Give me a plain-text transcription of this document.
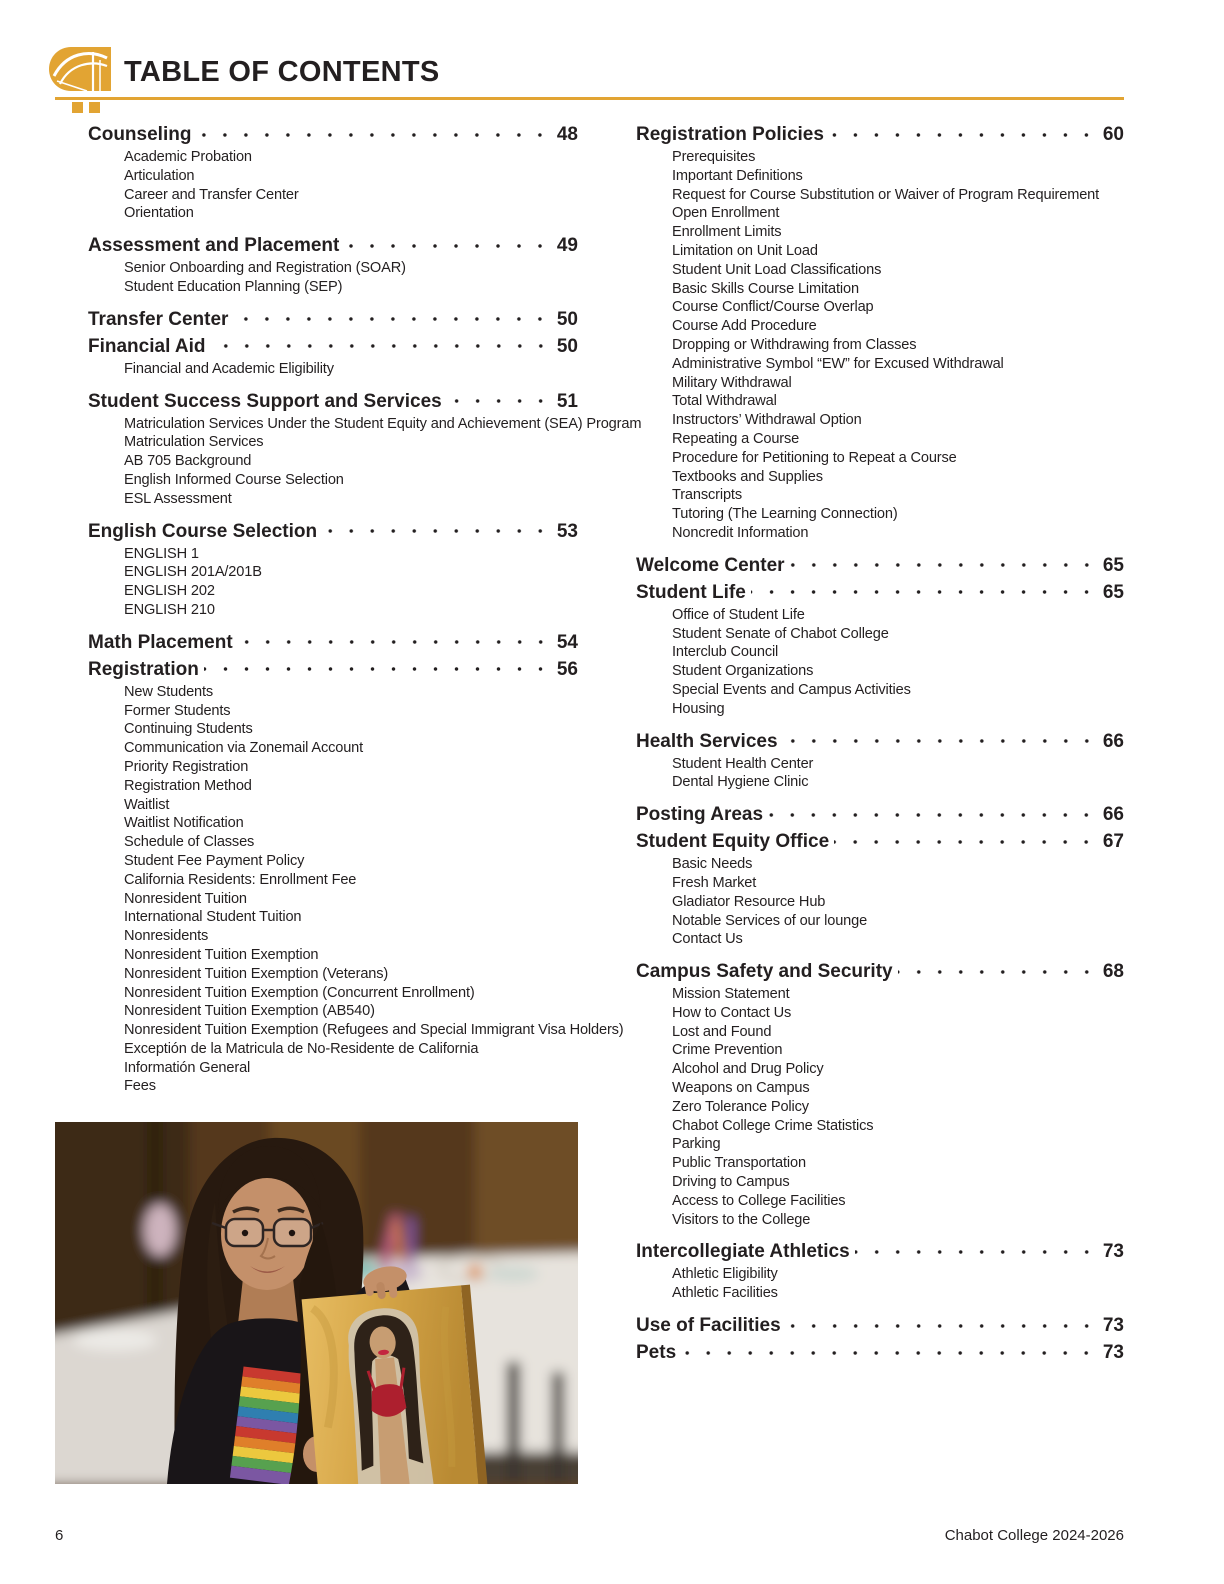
TABLE OF CONTENTS
Counseling	48
Academic Probation
Articulation
Career and Transfer Center
Orientation
Assessment and Placement	49
Senior Onboarding and Registration (SOAR)
Student Education Planning (SEP)
Transfer Center	50
Financial Aid	50
Financial and Academic Eligibility
Student Success Support and Services	51
Matriculation Services Under the Student Equity and Achievement (SEA) Program
Matriculation Services
AB 705 Background
English Informed Course Selection
ESL Assessment
English Course Selection	53
ENGLISH 1
ENGLISH 201A/201B
ENGLISH 202
ENGLISH 210
Math Placement	54
Registration	56
New Students
Former Students
Continuing Students
Communication via Zonemail Account
Priority Registration
Registration Method
Waitlist
Waitlist Notification
Schedule of Classes
Student Fee Payment Policy
California Residents: Enrollment Fee
Nonresident Tuition
International Student Tuition
Nonresidents
Nonresident Tuition Exemption
Nonresident Tuition Exemption (Veterans)
Nonresident Tuition Exemption (Concurrent Enrollment)
Nonresident Tuition Exemption (AB540)
Nonresident Tuition Exemption (Refugees and Special Immigrant Visa Holders)
Exceptión de la Matricula de No-Residente de California
Informatión General
Fees
Registration Policies	60
Prerequisites
Important Definitions
Request for Course Substitution or Waiver of Program Requirement
Open Enrollment
Enrollment Limits
Limitation on Unit Load
Student Unit Load Classifications
Basic Skills Course Limitation
Course Conflict/Course Overlap
Course Add Procedure
Dropping or Withdrawing from Classes
Administrative Symbol “EW” for Excused Withdrawal
Military Withdrawal
Total Withdrawal
Instructors’ Withdrawal Option
Repeating a Course
Procedure for Petitioning to Repeat a Course
Textbooks and Supplies
Transcripts
Tutoring (The Learning Connection)
Noncredit Information
Welcome Center	65
Student Life	65
Office of Student Life
Student Senate of Chabot College
Interclub Council
Student Organizations
Special Events and Campus Activities
Housing
Health Services	66
Student Health Center
Dental Hygiene Clinic
Posting Areas	66
Student Equity Office	67
Basic Needs
Fresh Market
Gladiator Resource Hub
Notable Services of our lounge
Contact Us
Campus Safety and Security	68
Mission Statement
How to Contact Us
Lost and Found
Crime Prevention
Alcohol and Drug Policy
Weapons on Campus
Zero Tolerance Policy
Chabot College Crime Statistics
Parking
Public Transportation
Driving to Campus
Access to College Facilities
Visitors to the College
Intercollegiate Athletics	73
Athletic Eligibility
Athletic Facilities
Use of Facilities	73
Pets	73
6	Chabot College 2024-2026
